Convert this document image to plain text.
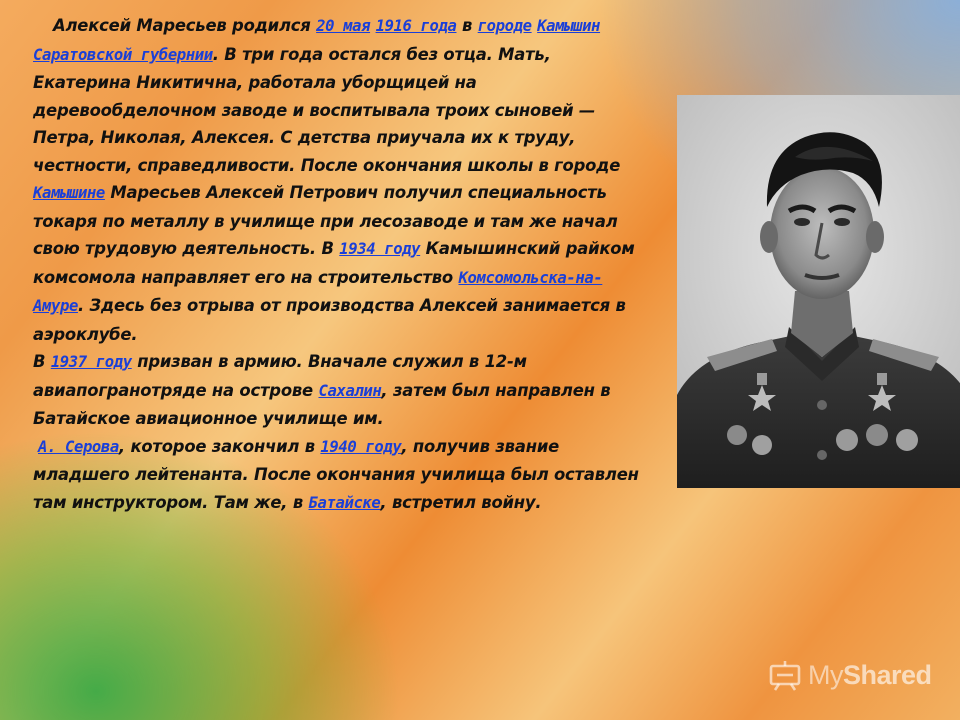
Алексей Маресьев родился 20 мая 1916 года в городе Камышин Саратовской губернии. В три года остался без отца. Мать, Екатерина Никитична, работала уборщицей на деревообделочном заводе и воспитывала троих сыновей — Петра, Николая, Алексея. С детства приучала их к труду, честности, справедливости. После окончания школы в городе Камышине Маресьев Алексей Петрович получил специальность токаря по металлу в училище при лесозаводе и там же начал свою трудовую деятельность. В 1934 году Камышинский райком комсомола направляет его на строительство Комсомольска-на-Амуре. Здесь без отрыва от производства Алексей занимается в аэроклубе.

В 1937 году призван в армию. Вначале служил в 12-м авиапогранотряде на острове Сахалин, затем был направлен в Батайское авиационное училище им.

А. Серова, которое закончил в 1940 году, получив звание младшего лейтенанта. После окончания училища был оставлен там инструктором. Там же, в Батайске, встретил войну.

MyShared
